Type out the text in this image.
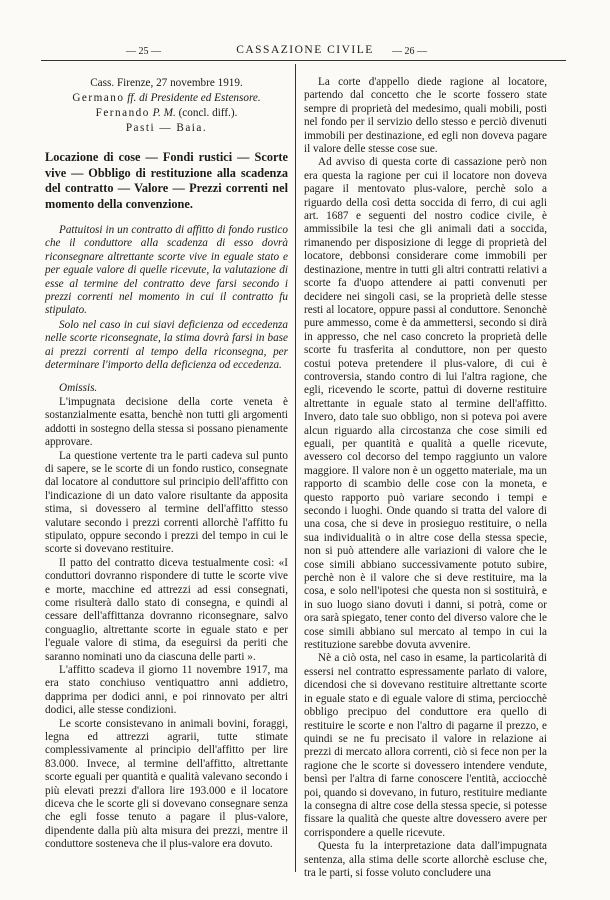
— 25 —	CASSAZIONE CIVILE	— 26 —

Cass. Firenze, 27 novembre 1919.

Germano ff. di Presidente ed Estensore.

Fernando P. M. (concl. diff.).

Pasti — Baia.

Locazione di cose — Fondi rustici — Scorte vive — Obbligo di restituzione alla scadenza del contratto — Valore — Prezzi correnti nel momento della convenzione.

Pattuitosi in un contratto di affitto di fondo rustico che il conduttore alla scadenza di esso dovrà riconsegnare altrettante scorte vive in eguale stato e per eguale valore di quelle ricevute, la valutazione di esse al termine del contratto deve farsi secondo i prezzi correnti nel momento in cui il contratto fu stipulato.

Solo nel caso in cui siavi deficienza od eccedenza nelle scorte riconsegnate, la stima dovrà farsi in base ai prezzi correnti al tempo della riconsegna, per determinare l'importo della deficienza od eccedenza.

Omissis.

L'impugnata decisione della corte veneta è sostanzialmente esatta, benchè non tutti gli argomenti addotti in sostegno della stessa si possano pienamente approvare.

La questione vertente tra le parti cadeva sul punto di sapere, se le scorte di un fondo rustico, consegnate dal locatore al conduttore sul principio dell'affitto con l'indicazione di un dato valore risultante da apposita stima, si dovessero al termine dell'affitto stesso valutare secondo i prezzi correnti allorchè l'affitto fu stipulato, oppure secondo i prezzi del tempo in cui le scorte si dovevano restituire.

Il patto del contratto diceva testualmente così: «I conduttori dovranno rispondere di tutte le scorte vive e morte, macchine ed attrezzi ad essi consegnati, come risulterà dallo stato di consegna, e quindi al cessare dell'affittanza dovranno riconsegnare, salvo conguaglio, altrettante scorte in eguale stato e per l'eguale valore di stima, da eseguirsi da periti che saranno nominati uno da ciascuna delle parti ».

L'affitto scadeva il giorno 11 novembre 1917, ma era stato conchiuso ventiquattro anni addietro, dapprima per dodici anni, e poi rinnovato per altri dodici, alle stesse condizioni.

Le scorte consistevano in animali bovini, foraggi, legna ed attrezzi agrarii, tutte stimate complessivamente al principio dell'affitto per lire 83.000. Invece, al termine dell'affitto, altrettante scorte eguali per quantità e qualità valevano secondo i più elevati prezzi d'allora lire 193.000 e il locatore diceva che le scorte gli si dovevano consegnare senza che egli fosse tenuto a pagare il plus-valore, dipendente dalla più alta misura dei prezzi, mentre il conduttore sosteneva che il plus-valore era dovuto.

La corte d'appello diede ragione al locatore, partendo dal concetto che le scorte fossero state sempre di proprietà del medesimo, quali mobili, posti nel fondo per il servizio dello stesso e perciò divenuti immobili per destinazione, ed egli non doveva pagare il valore delle stesse cose sue.

Ad avviso di questa corte di cassazione però non era questa la ragione per cui il locatore non doveva pagare il mentovato plus-valore, perchè solo a riguardo della così detta soccida di ferro, di cui agli art. 1687 e seguenti del nostro codice civile, è ammissibile la tesi che gli animali dati a soccida, rimanendo per disposizione di legge di proprietà del locatore, debbonsi considerare come immobili per destinazione, mentre in tutti gli altri contratti relativi a scorte fa d'uopo attendere ai patti convenuti per decidere nei singoli casi, se la proprietà delle stesse resti al locatore, oppure passi al conduttore. Senonchè pure ammesso, come è da ammettersi, secondo si dirà in appresso, che nel caso concreto la proprietà delle scorte fu trasferita al conduttore, non per questo costui poteva pretendere il plus-valore, di cui è controversia, stando contro di lui l'altra ragione, che egli, ricevendo le scorte, pattuì di doverne restituire altrettante in eguale stato al termine dell'affitto. Invero, dato tale suo obbligo, non si poteva poi avere alcun riguardo alla circostanza che cose simili ed eguali, per quantità e qualità a quelle ricevute, avessero col decorso del tempo raggiunto un valore maggiore. Il valore non è un oggetto materiale, ma un rapporto di scambio delle cose con la moneta, e questo rapporto può variare secondo i tempi e secondo i luoghi. Onde quando si tratta del valore di una cosa, che si deve in prosieguo restituire, o nella sua individualità o in altre cose della stessa specie, non si può attendere alle variazioni di valore che le cose simili abbiano successivamente potuto subire, perchè non è il valore che si deve restituire, ma la cosa, e solo nell'ipotesi che questa non si sostituirà, e in suo luogo siano dovuti i danni, si potrà, come or ora sarà spiegato, tener conto del diverso valore che le cose simili abbiano sul mercato al tempo in cui la restituzione sarebbe dovuta avvenire.

Nè a ciò osta, nel caso in esame, la particolarità di essersi nel contratto espressamente parlato di valore, dicendosi che si dovevano restituire altrettante scorte in eguale stato e di eguale valore di stima, perciocchè obbligo precipuo del conduttore era quello di restituire le scorte e non l'altro di pagarne il prezzo, e quindi se ne fu precisato il valore in relazione ai prezzi di mercato allora correnti, ciò si fece non per la ragione che le scorte si dovessero intendere vendute, bensì per l'altra di farne conoscere l'entità, acciocchè poi, quando si dovevano, in futuro, restituire mediante la consegna di altre cose della stessa specie, si potesse fissare la qualità che queste altre dovessero avere per corrispondere a quelle ricevute.

Questa fu la interpretazione data dall'impugnata sentenza, alla stima delle scorte allorchè escluse che, tra le parti, si fosse voluto concludere una
